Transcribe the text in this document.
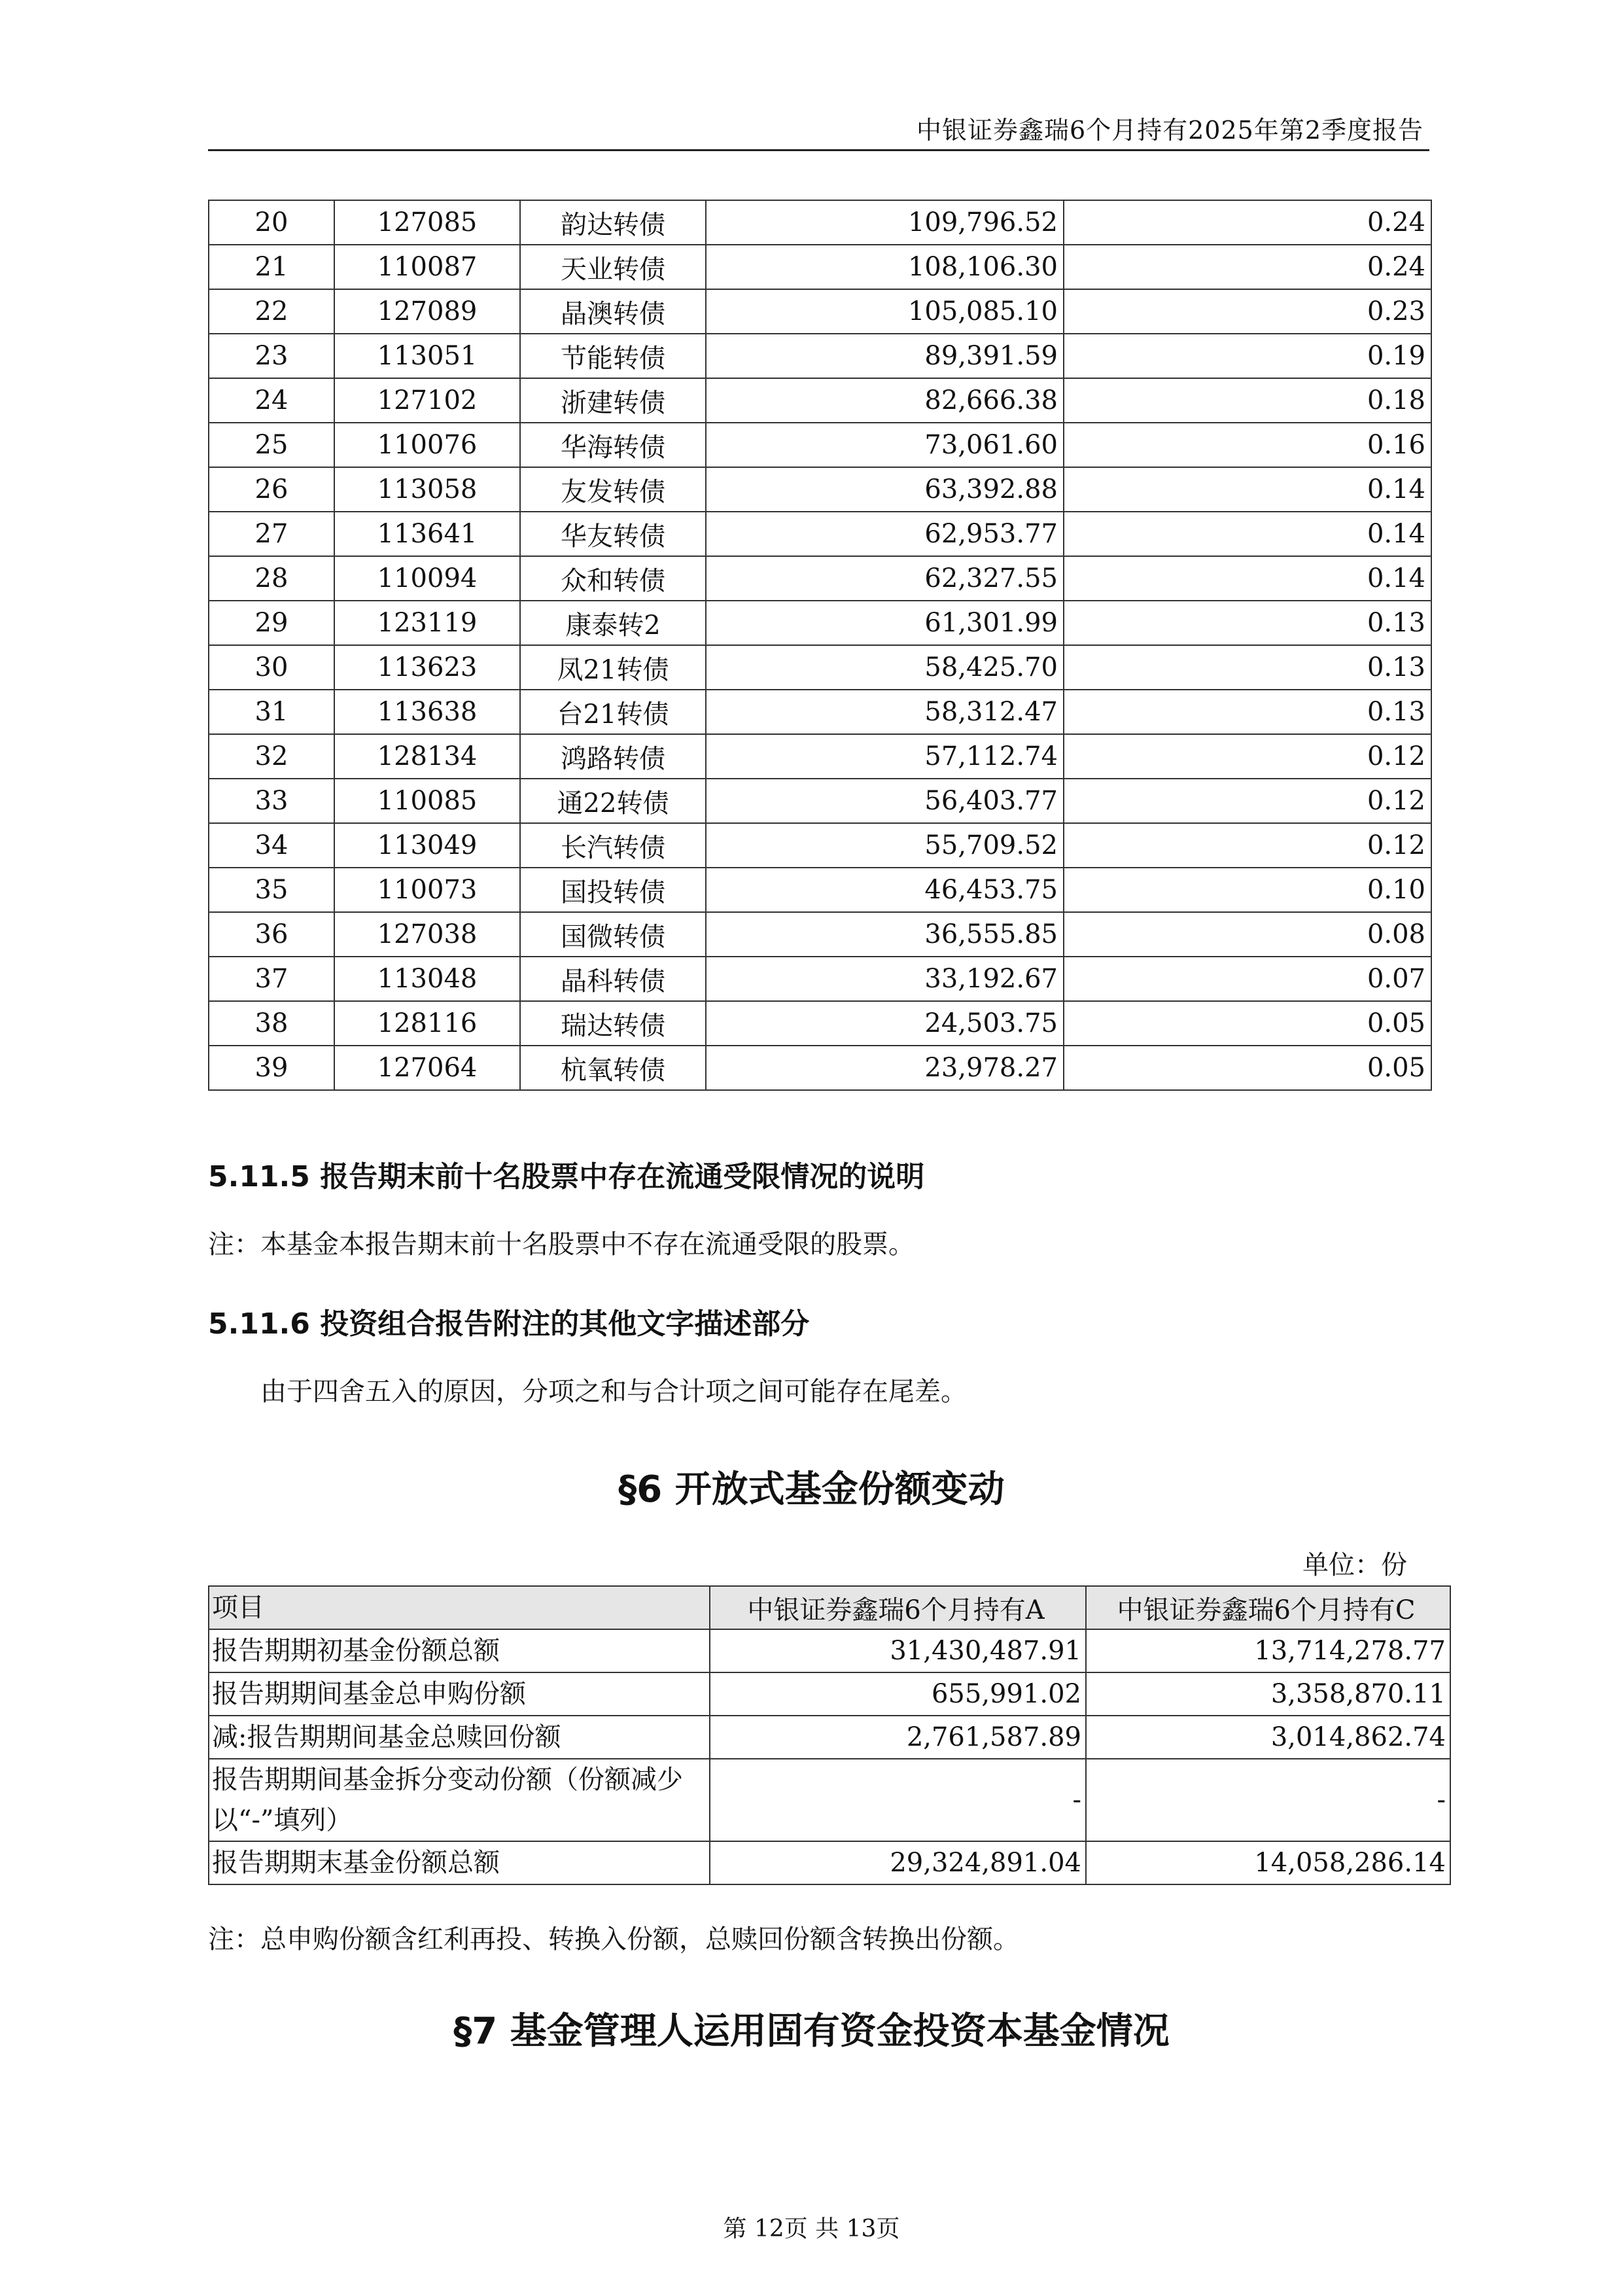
中银证券鑫瑞6个月持有2025年第2季度报告
20	127085	韵达转债	109,796.52	0.24
21	110087	天业转债	108,106.30	0.24
22	127089	晶澳转债	105,085.10	0.23
23	113051	节能转债	89,391.59	0.19
24	127102	浙建转债	82,666.38	0.18
25	110076	华海转债	73,061.60	0.16
26	113058	友发转债	63,392.88	0.14
27	113641	华友转债	62,953.77	0.14
28	110094	众和转债	62,327.55	0.14
29	123119	康泰转2	61,301.99	0.13
30	113623	凤21转债	58,425.70	0.13
31	113638	台21转债	58,312.47	0.13
32	128134	鸿路转债	57,112.74	0.12
33	110085	通22转债	56,403.77	0.12
34	113049	长汽转债	55,709.52	0.12
35	110073	国投转债	46,453.75	0.10
36	127038	国微转债	36,555.85	0.08
37	113048	晶科转债	33,192.67	0.07
38	128116	瑞达转债	24,503.75	0.05
39	127064	杭氧转债	23,978.27	0.05
5.11.5 报告期末前十名股票中存在流通受限情况的说明
注：本基金本报告期末前十名股票中不存在流通受限的股票。
5.11.6 投资组合报告附注的其他文字描述部分
由于四舍五入的原因，分项之和与合计项之间可能存在尾差。
§6 开放式基金份额变动
单位：份
项目	中银证券鑫瑞6个月持有A	中银证券鑫瑞6个月持有C
报告期期初基金份额总额	31,430,487.91	13,714,278.77
报告期期间基金总申购份额	655,991.02	3,358,870.11
减:报告期期间基金总赎回份额	2,761,587.89	3,014,862.74
报告期期间基金拆分变动份额（份额减少以“-”填列）	-	-
报告期期末基金份额总额	29,324,891.04	14,058,286.14
注：总申购份额含红利再投、转换入份额，总赎回份额含转换出份额。
§7 基金管理人运用固有资金投资本基金情况
第 12页 共 13页
